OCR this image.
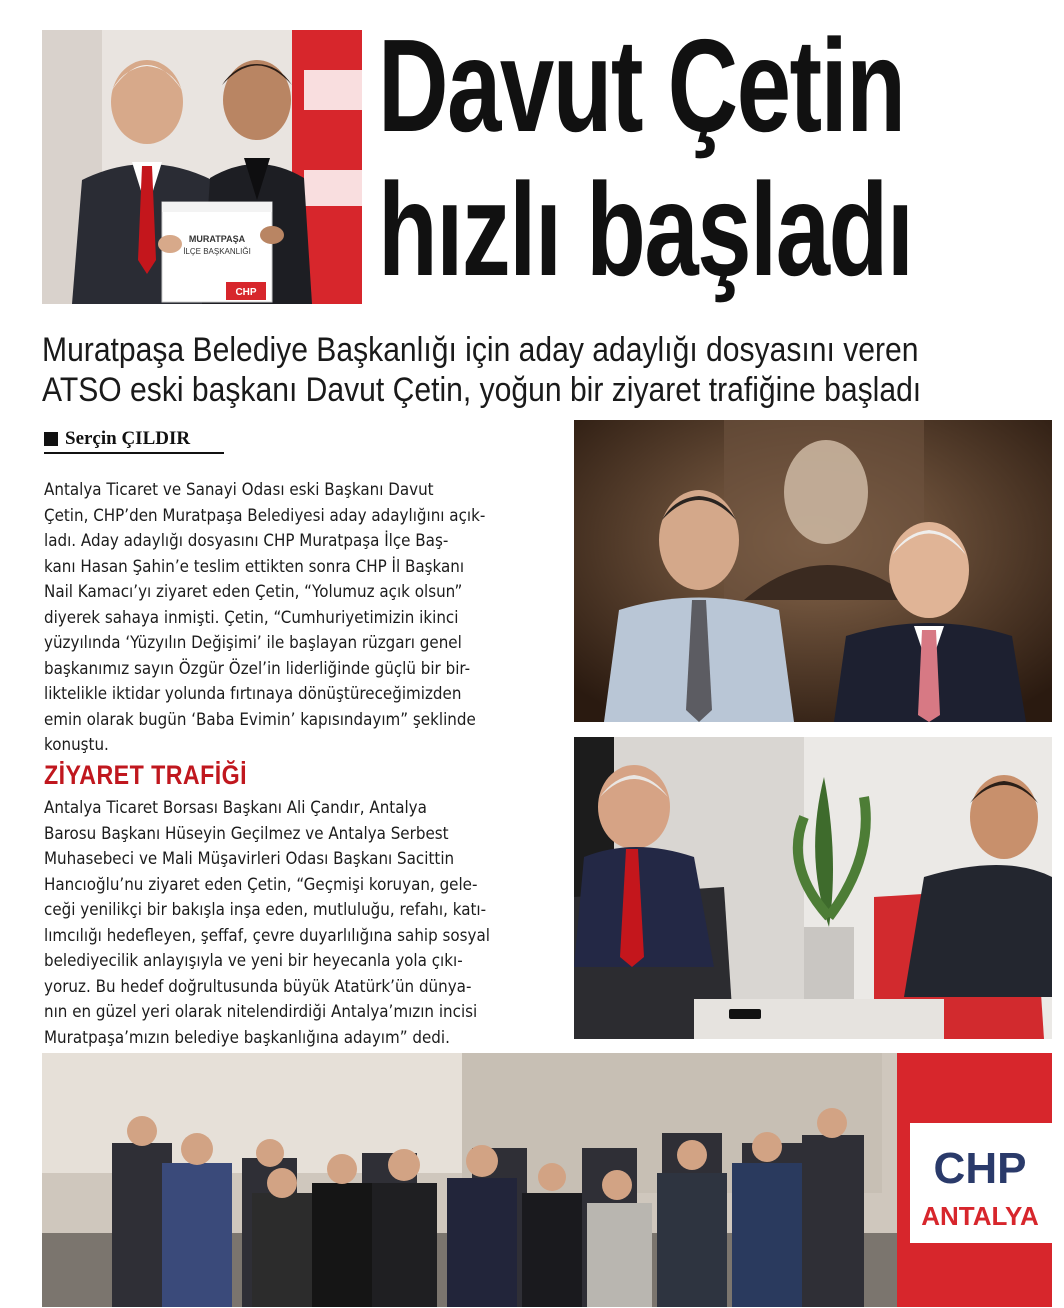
MURATPAŞA
İLÇE BAŞKANLIĞI
CHP
Davut Çetin
hızlı başladı
Muratpaşa Belediye Başkanlığı için aday adaylığı dosyasını veren
ATSO eski başkanı Davut Çetin, yoğun bir ziyaret trafiğine başladı
Serçin ÇILDIR
Antalya Ticaret ve Sanayi Odası eski Başkanı Davut
Çetin, CHP’den Muratpaşa Belediyesi aday adaylığını açık-
ladı. Aday adaylığı dosyasını CHP Muratpaşa İlçe Baş-
kanı Hasan Şahin’e teslim ettikten sonra CHP İl Başkanı
Nail Kamacı’yı ziyaret eden Çetin, “Yolumuz açık olsun”
diyerek sahaya inmişti. Çetin, “Cumhuriyetimizin ikinci
yüzyılında ‘Yüzyılın Değişimi’ ile başlayan rüzgarı genel
başkanımız sayın Özgür Özel’in liderliğinde güçlü bir bir-
liktelikle iktidar yolunda fırtınaya dönüştüreceğimizden
emin olarak bugün ‘Baba Evimin’ kapısındayım” şeklinde
konuştu.
ZİYARET TRAFİĞİ
Antalya Ticaret Borsası Başkanı Ali Çandır, Antalya
Barosu Başkanı Hüseyin Geçilmez ve Antalya Serbest
Muhasebeci ve Mali Müşavirleri Odası Başkanı Sacittin
Hancıoğlu’nu ziyaret eden Çetin, “Geçmişi koruyan, gele-
ceği yenilikçi bir bakışla inşa eden, mutluluğu, refahı, katı-
lımcılığı hedefleyen, şeffaf, çevre duyarlılığına sahip sosyal
belediyecilik anlayışıyla ve yeni bir heyecanla yola çıkı-
yoruz. Bu hedef doğrultusunda büyük Atatürk’ün dünya-
nın en güzel yeri olarak nitelendirdiği Antalya’mızın incisi
Muratpaşa’mızın belediye başkanlığına adayım” dedi.
CHP
ANTALYA
